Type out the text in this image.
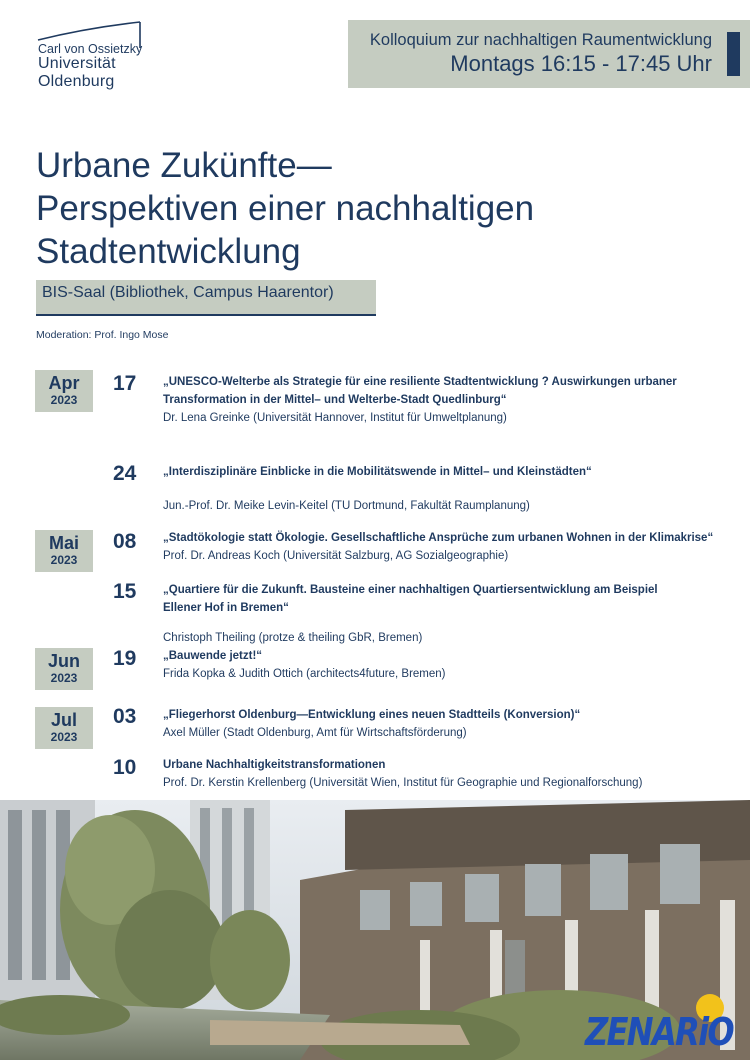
Carl von Ossietzky
Universität
Oldenburg
Kolloquium zur nachhaltigen Raumentwicklung
Montags 16:15 - 17:45 Uhr
Urbane Zukünfte—
Perspektiven einer nachhaltigen
Stadtentwicklung
BIS-Saal (Bibliothek, Campus Haarentor)
Moderation: Prof. Ingo Mose
Apr
2023
Mai
2023
Jun
2023
Jul
2023
17 „UNESCO-Welterbe als Strategie für eine resiliente Stadtentwicklung ? Auswirkungen urbaner Transformation in der Mittel– und Welterbe-Stadt Quedlinburg“
Dr. Lena Greinke (Universität Hannover, Institut für Umweltplanung)
24 „Interdisziplinäre Einblicke in die Mobilitätswende in Mittel– und Kleinstädten“
Jun.-Prof. Dr. Meike Levin-Keitel (TU Dortmund, Fakultät Raumplanung)
08 „Stadtökologie statt Ökologie. Gesellschaftliche Ansprüche zum urbanen Wohnen in der Klimakrise“
Prof. Dr. Andreas Koch (Universität Salzburg, AG Sozialgeographie)
15 „Quartiere für die Zukunft. Bausteine einer nachhaltigen Quartiersentwicklung am Beispiel Ellener Hof in Bremen“
Christoph Theiling (protze & theiling GbR, Bremen)
19 „Bauwende jetzt!“
Frida Kopka & Judith Ottich (architects4future, Bremen)
03 „Fliegerhorst Oldenburg—Entwicklung eines neuen Stadtteils (Konversion)“
Axel Müller (Stadt Oldenburg, Amt für Wirtschaftsförderung)
10 Urbane Nachhaltigkeitstransformationen
Prof. Dr. Kerstin Krellenberg (Universität Wien, Institut für Geographie und Regionalforschung)
ZENARiO
